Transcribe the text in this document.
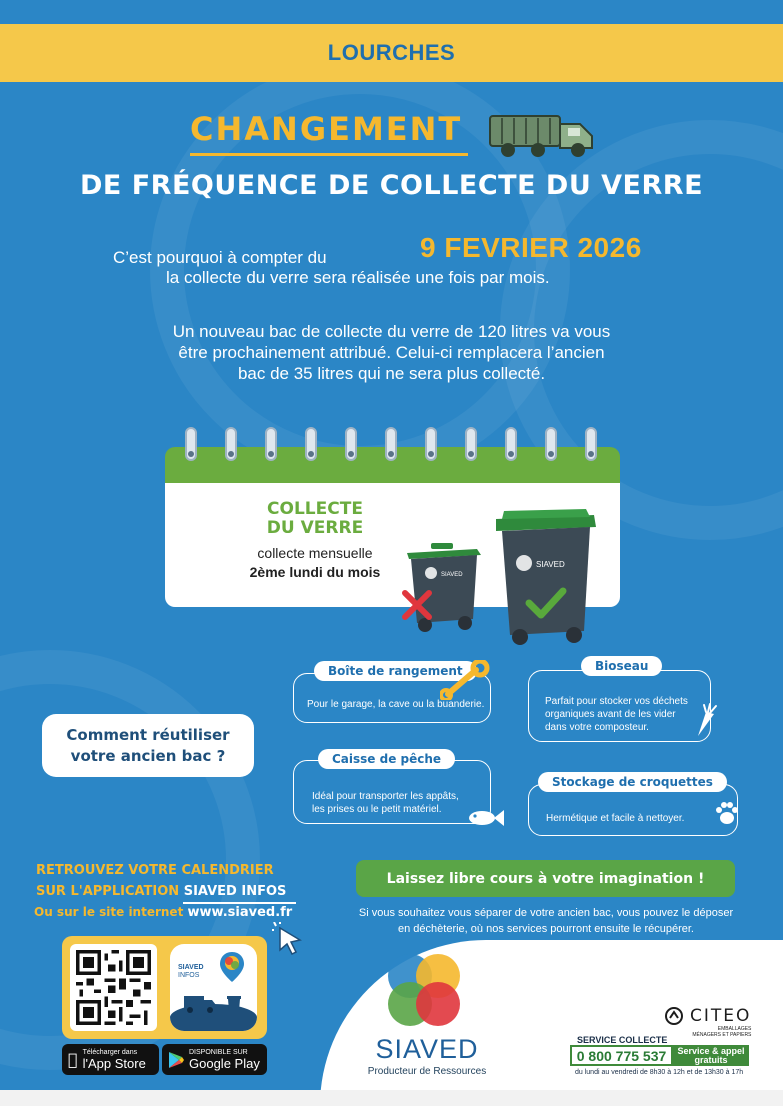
LOURCHES
CHANGEMENT
DE FRÉQUENCE DE COLLECTE DU VERRE
C’est pourquoi à compter du	9 FEVRIER 2026
la collecte du verre sera réalisée une fois par mois.
Un nouveau bac de collecte du verre de 120 litres va vous
être prochainement attribué. Celui-ci remplacera l’ancien
bac de 35 litres qui ne sera plus collecté.
COLLECTE
DU VERRE
collecte mensuelle
2ème lundi du mois	SIAVED
SIAVED
Comment réutiliser
votre ancien bac ?
Boîte de rangement
Pour le garage, la cave ou la buanderie.
Bioseau
Parfait pour stocker vos déchets
organiques avant de les vider
dans votre composteur.
Caisse de pêche
Idéal pour transporter les appâts,
les prises ou le petit matériel.
Stockage de croquettes
Hermétique et facile à nettoyer.
Laissez libre cours à votre imagination !
Si vous souhaitez vous séparer de votre ancien bac, vous pouvez le déposer
en déchèterie, où nos services pourront ensuite le récupérer.
RETROUVEZ VOTRE CALENDRIER
SUR L'APPLICATION SIAVED INFOS
Ou sur le site internet www.siaved.fr
SIAVED
INFOS
Télécharger dans
l'App Store
DISPONIBLE SUR
Google Play	SIAVED
Producteur de Ressources
CITEO
EMBALLAGES
MÉNAGERS ET PAPIERS
SERVICE COLLECTE
0 800 775 537 Service & appel
gratuits
du lundi au vendredi de 8h30 à 12h et de 13h30 à 17h
